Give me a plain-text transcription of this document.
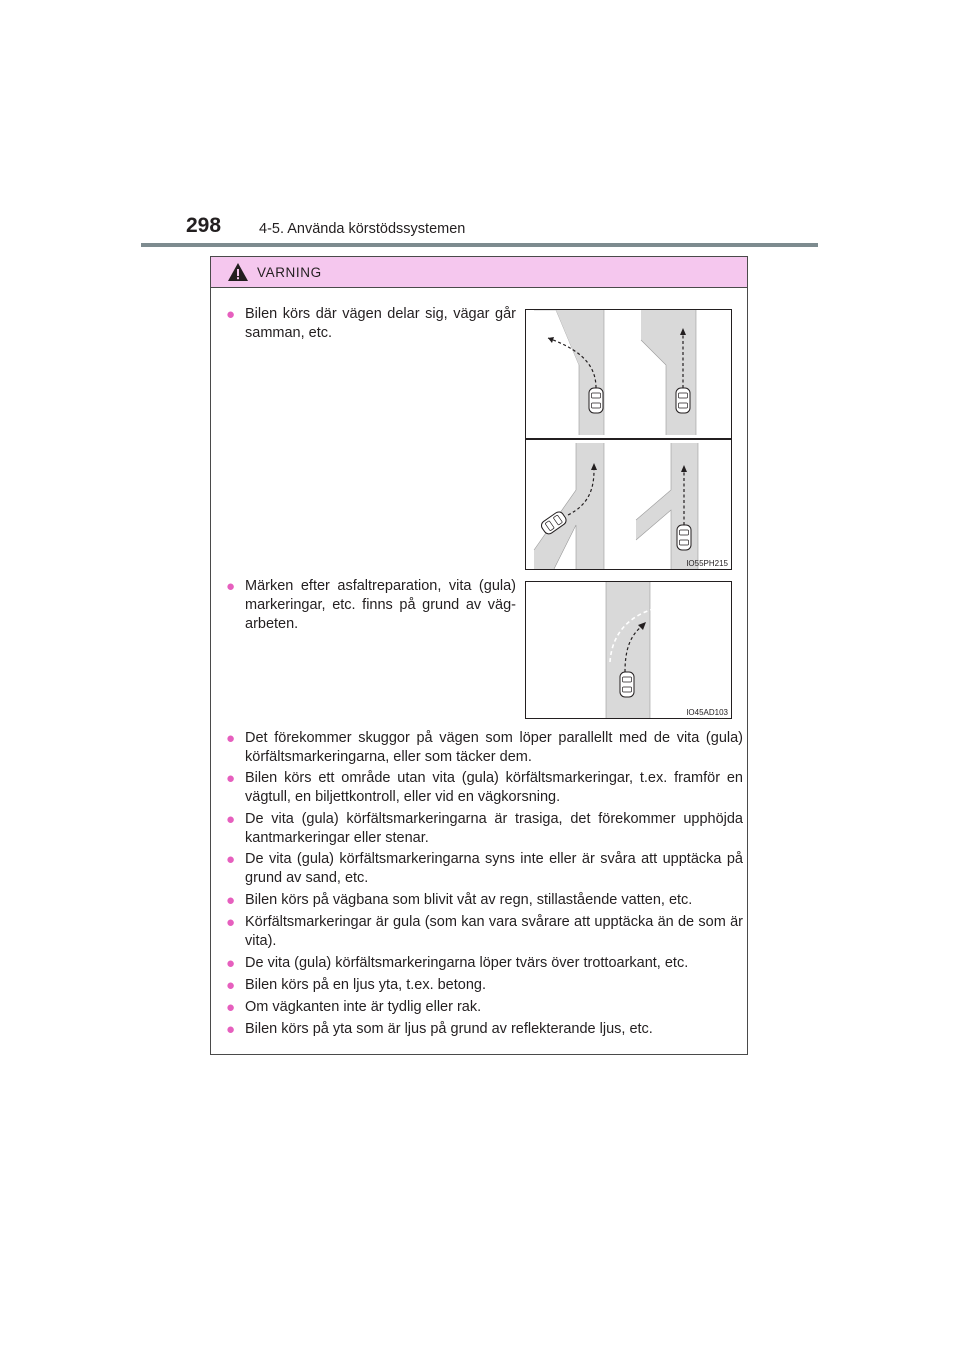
298	4-5. Använda körstödssystemen
VARNING
● Bilen körs där vägen delar sig, vägar går samman, etc.
IO55PH215
● Märken efter asfaltreparation, vita (gula) markeringar, etc. finns på grund av väg-arbeten.
IO45AD103
● Det förekommer skuggor på vägen som löper parallellt med de vita (gula) körfältsmarkeringarna, eller som täcker dem.
● Bilen körs ett område utan vita (gula) körfältsmarkeringar, t.ex. framför en vägtull, en biljettkontroll, eller vid en vägkorsning.
● De vita (gula) körfältsmarkeringarna är trasiga, det förekommer upphöjda kantmarkeringar eller stenar.
● De vita (gula) körfältsmarkeringarna syns inte eller är svåra att upptäcka på grund av sand, etc.
● Bilen körs på vägbana som blivit våt av regn, stillastående vatten, etc.
● Körfältsmarkeringar är gula (som kan vara svårare att upptäcka än de som är vita).
● De vita (gula) körfältsmarkeringarna löper tvärs över trottoarkant, etc.
● Bilen körs på en ljus yta, t.ex. betong.
● Om vägkanten inte är tydlig eller rak.
● Bilen körs på yta som är ljus på grund av reflekterande ljus, etc.
